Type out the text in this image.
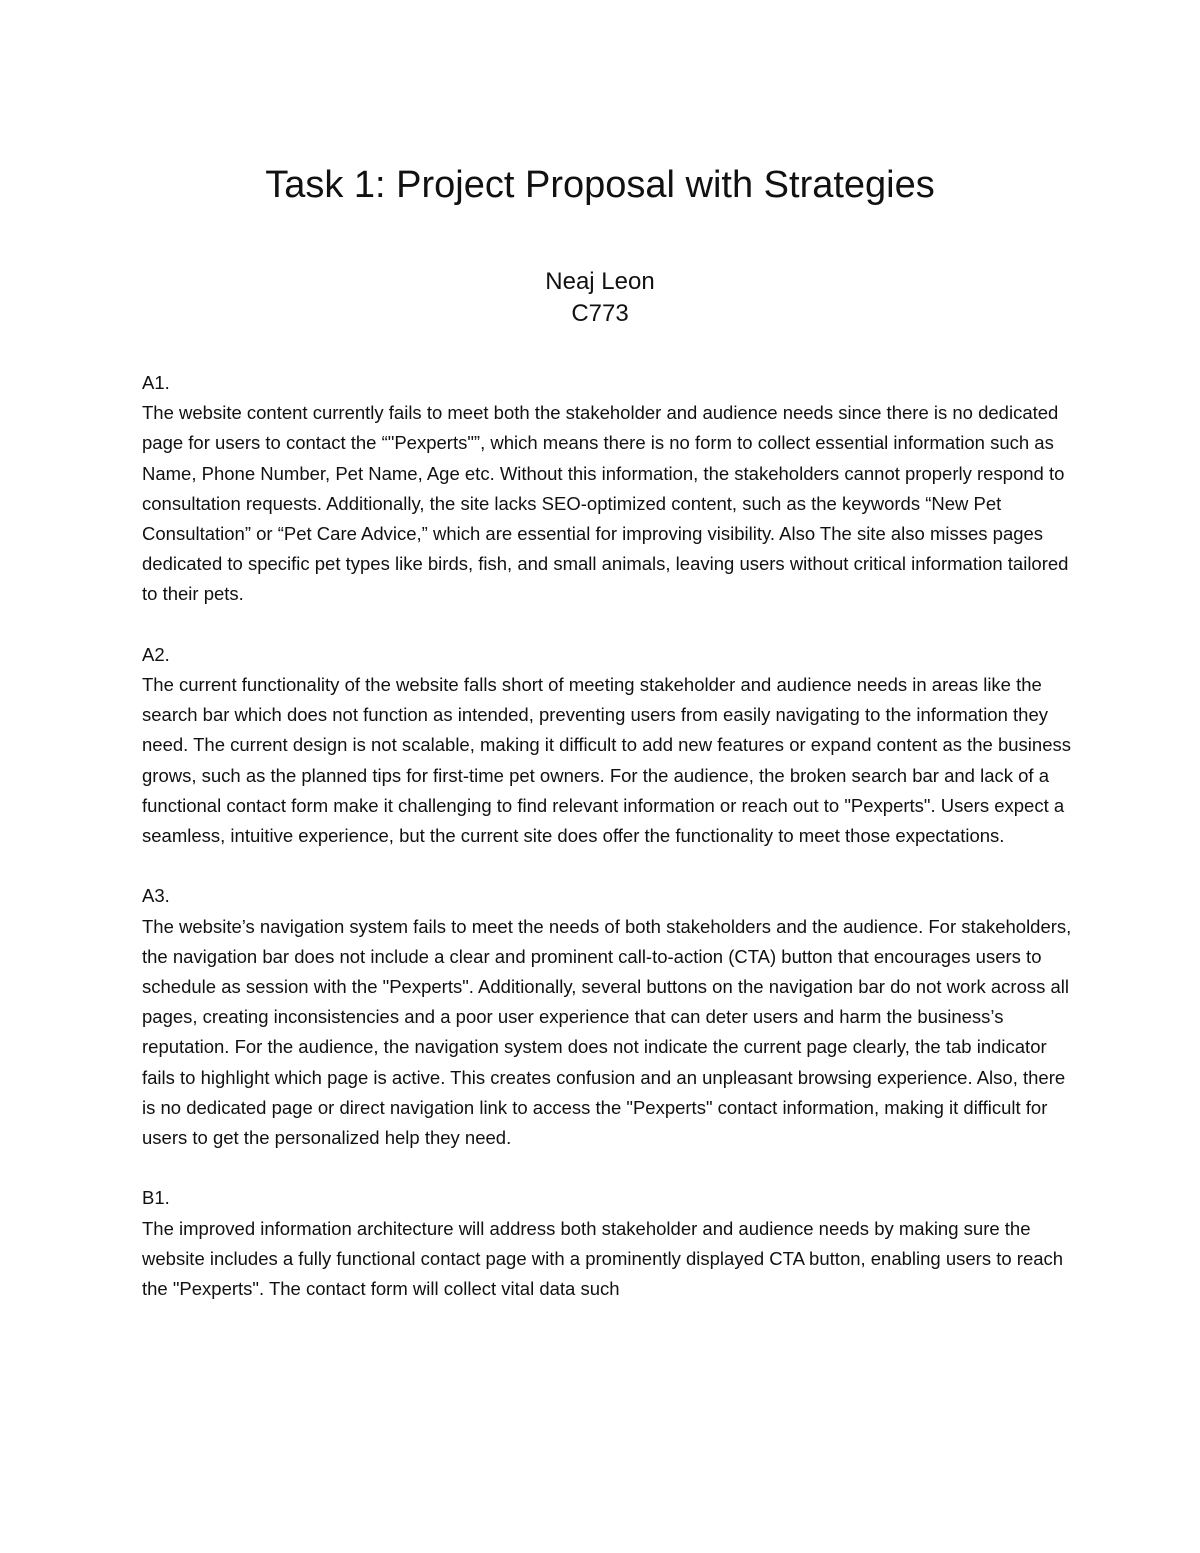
Task 1: Project Proposal with Strategies
Neaj Leon
C773
A1.
The website content currently fails to meet both the stakeholder and audience needs since there is no dedicated page for users to contact the “"Pexperts"”, which means there is no form to collect essential information such as Name, Phone Number, Pet Name, Age etc. Without this information, the stakeholders cannot properly respond to consultation requests. Additionally, the site lacks SEO-optimized content, such as the keywords “New Pet Consultation” or “Pet Care Advice,” which are essential for improving visibility. Also The site also misses pages dedicated to specific pet types like birds, fish, and small animals, leaving users without critical information tailored to their pets.
A2.
The current functionality of the website falls short of meeting stakeholder and audience needs in areas like the search bar which does not function as intended, preventing users from easily navigating to the information they need. The current design is not scalable, making it difficult to add new features or expand content as the business grows, such as the planned tips for first-time pet owners. For the audience, the broken search bar and lack of a functional contact form make it challenging to find relevant information or reach out to "Pexperts". Users expect a seamless, intuitive experience, but the current site does offer the functionality to meet those expectations.
A3.
The website’s navigation system fails to meet the needs of both stakeholders and the audience. For stakeholders, the navigation bar does not include a clear and prominent call-to-action (CTA) button that encourages users to schedule as session with the "Pexperts". Additionally, several buttons on the navigation bar do not work across all pages, creating inconsistencies and a poor user experience that can deter users and harm the business’s reputation. For the audience, the navigation system does not indicate the current page clearly, the tab indicator fails to highlight which page is active. This creates confusion and an unpleasant browsing experience. Also, there is no dedicated page or direct navigation link to access the "Pexperts" contact information, making it difficult for users to get the personalized help they need.
B1.
The improved information architecture will address both stakeholder and audience needs by making sure the website includes a fully functional contact page with a prominently displayed CTA button, enabling users to reach the "Pexperts". The contact form will collect vital data such
